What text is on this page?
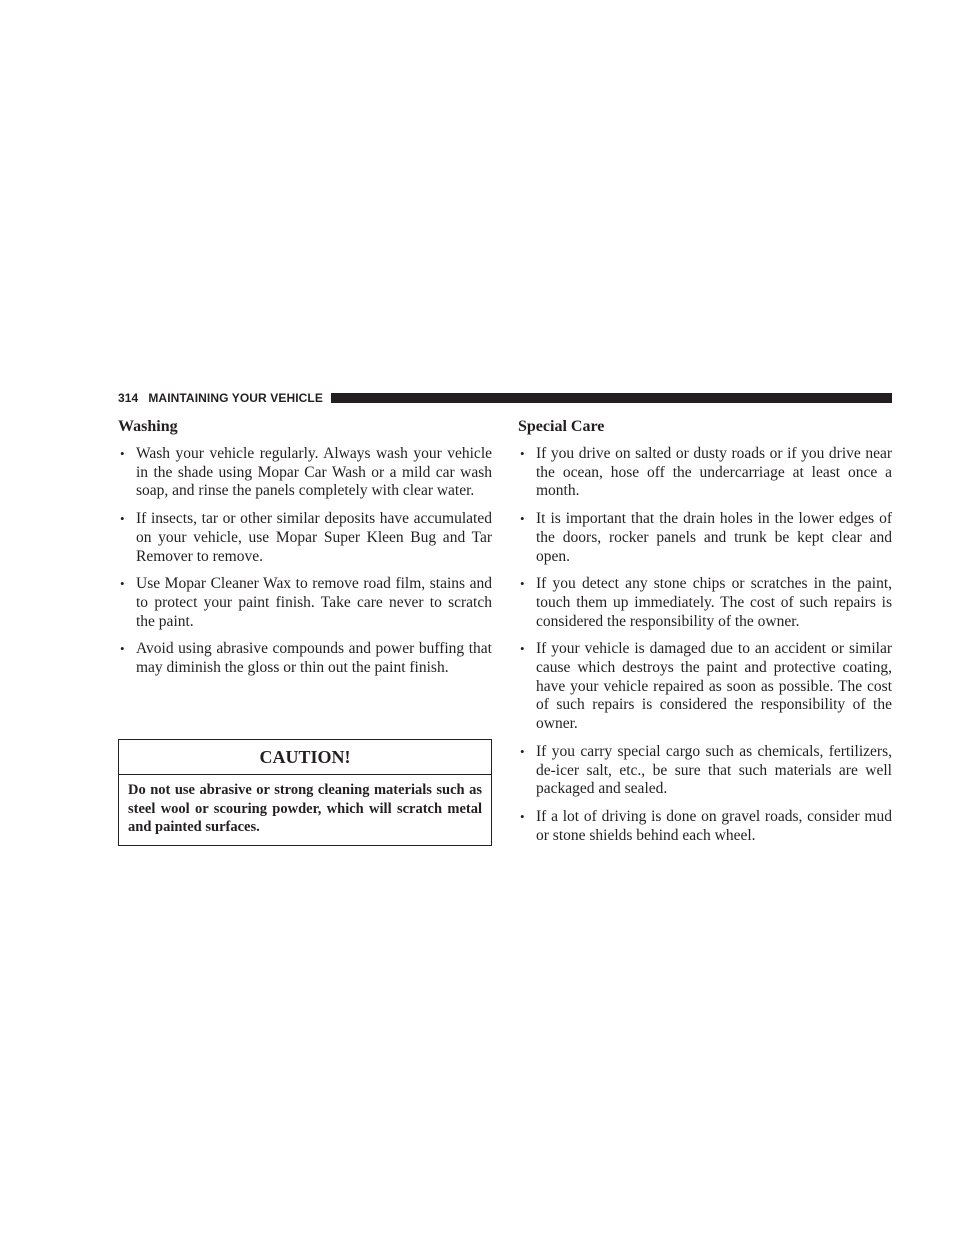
314 MAINTAINING YOUR VEHICLE
Washing
• Wash your vehicle regularly. Always wash your vehicle in the shade using Mopar Car Wash or a mild car wash soap, and rinse the panels completely with clear water.
• If insects, tar or other similar deposits have accumulated on your vehicle, use Mopar Super Kleen Bug and Tar Remover to remove.
• Use Mopar Cleaner Wax to remove road film, stains and to protect your paint finish. Take care never to scratch the paint.
• Avoid using abrasive compounds and power buffing that may diminish the gloss or thin out the paint finish.
CAUTION!
Do not use abrasive or strong cleaning materials such as steel wool or scouring powder, which will scratch metal and painted surfaces.
Special Care
• If you drive on salted or dusty roads or if you drive near the ocean, hose off the undercarriage at least once a month.
• It is important that the drain holes in the lower edges of the doors, rocker panels and trunk be kept clear and open.
• If you detect any stone chips or scratches in the paint, touch them up immediately. The cost of such repairs is considered the responsibility of the owner.
• If your vehicle is damaged due to an accident or similar cause which destroys the paint and protective coating, have your vehicle repaired as soon as possible. The cost of such repairs is considered the responsibility of the owner.
• If you carry special cargo such as chemicals, fertilizers, de-icer salt, etc., be sure that such materials are well packaged and sealed.
• If a lot of driving is done on gravel roads, consider mud or stone shields behind each wheel.
